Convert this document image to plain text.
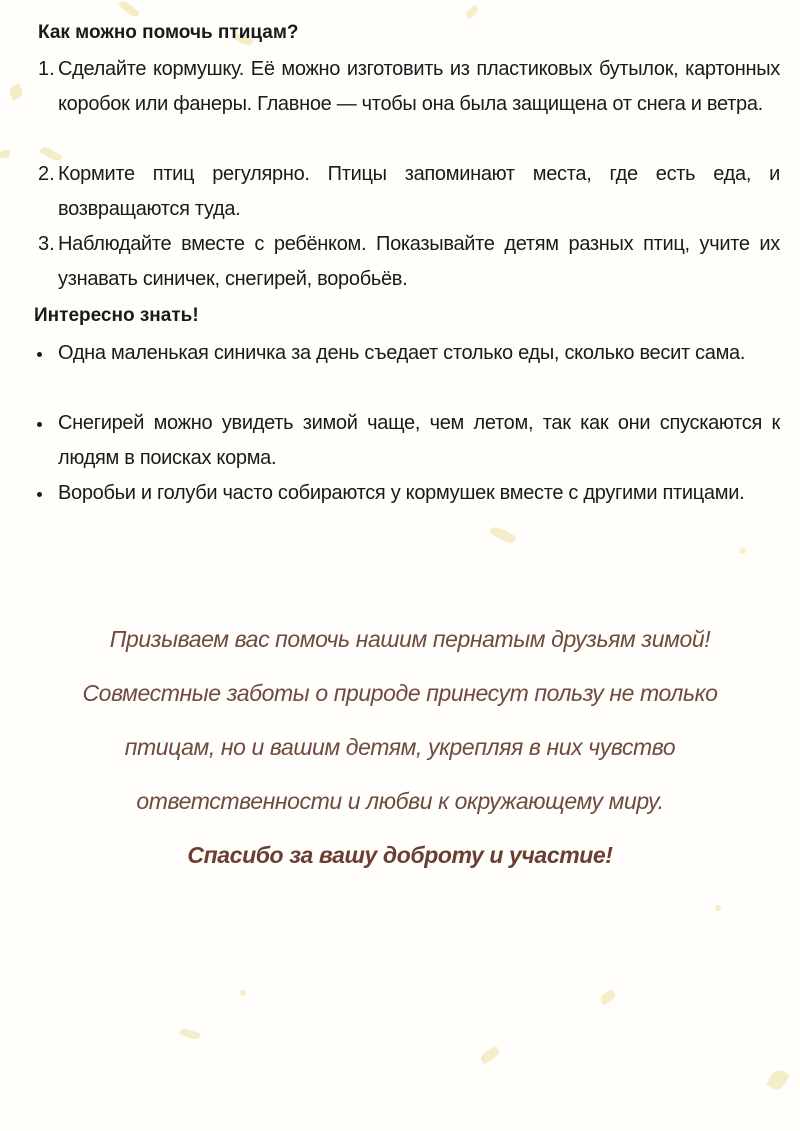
Как можно помочь птицам?
1. Сделайте кормушку. Её можно изготовить из пластиковых бутылок, картонных коробок или фанеры. Главное — чтобы она была защищена от снега и ветра.
2. Кормите птиц регулярно. Птицы запоминают места, где есть еда, и возвращаются туда.
3. Наблюдайте вместе с ребёнком. Показывайте детям разных птиц, учите их узнавать синичек, снегирей, воробьёв.
Интересно знать!
Одна маленькая синичка за день съедает столько еды, сколько весит сама.
Снегирей можно увидеть зимой чаще, чем летом, так как они спускаются к людям в поисках корма.
Воробьи и голуби часто собираются у кормушек вместе с другими птицами.
Призываем вас помочь нашим пернатым друзьям зимой!
Совместные заботы о природе принесут пользу не только
птицам, но и вашим детям, укрепляя в них чувство
ответственности и любви к окружающему миру.
Спасибо за вашу доброту и участие!
